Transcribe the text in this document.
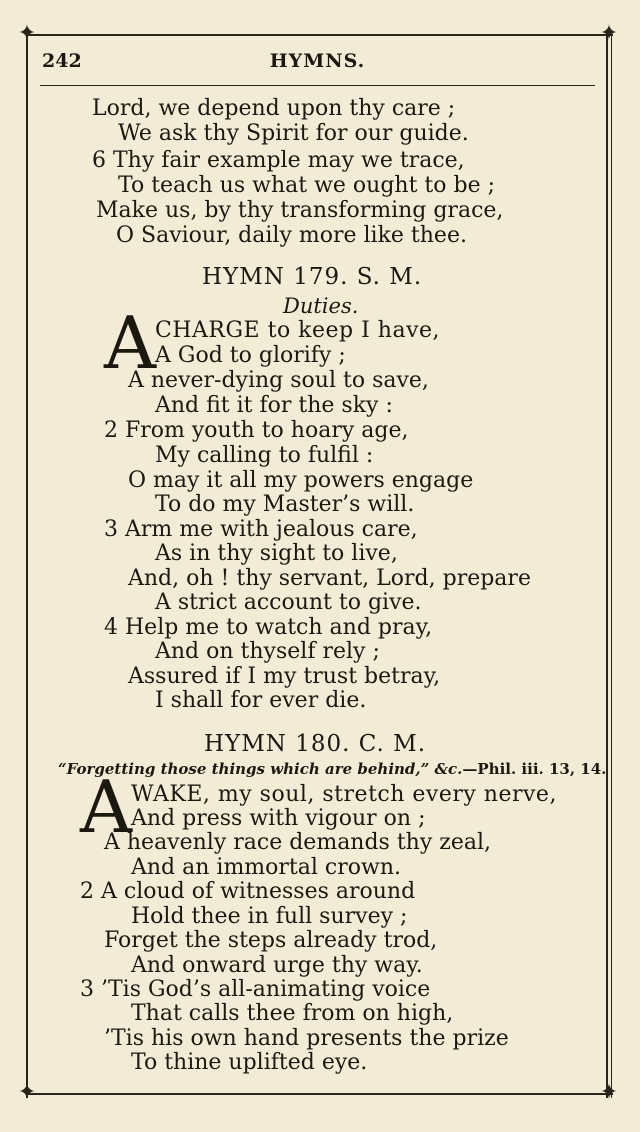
✦	✦
✦	✦
242	HYMNS.
Lord, we depend upon thy care ;
We ask thy Spirit for our guide.
6 Thy fair example may we trace,
To teach us what we ought to be ;
Make us, by thy transforming grace,
O Saviour, daily more like thee.
HYMN 179. S. M.
Duties.
A CHARGE to keep I have,
A God to glorify ;
A never-dying soul to save,
And fit it for the sky :
2 From youth to hoary age,
My calling to fulfil :
O may it all my powers engage
To do my Master’s will.
3 Arm me with jealous care,
As in thy sight to live,
And, oh ! thy servant, Lord, prepare
A strict account to give.
4 Help me to watch and pray,
And on thyself rely ;
Assured if I my trust betray,
I shall for ever die.
HYMN 180. C. M.
“Forgetting those things which are behind,” &c.—Phil. iii. 13, 14.
A WAKE, my soul, stretch every nerve,
And press with vigour on ;
A heavenly race demands thy zeal,
And an immortal crown.
2 A cloud of witnesses around
Hold thee in full survey ;
Forget the steps already trod,
And onward urge thy way.
3 ’Tis God’s all-animating voice
That calls thee from on high,
’Tis his own hand presents the prize
To thine uplifted eye.
